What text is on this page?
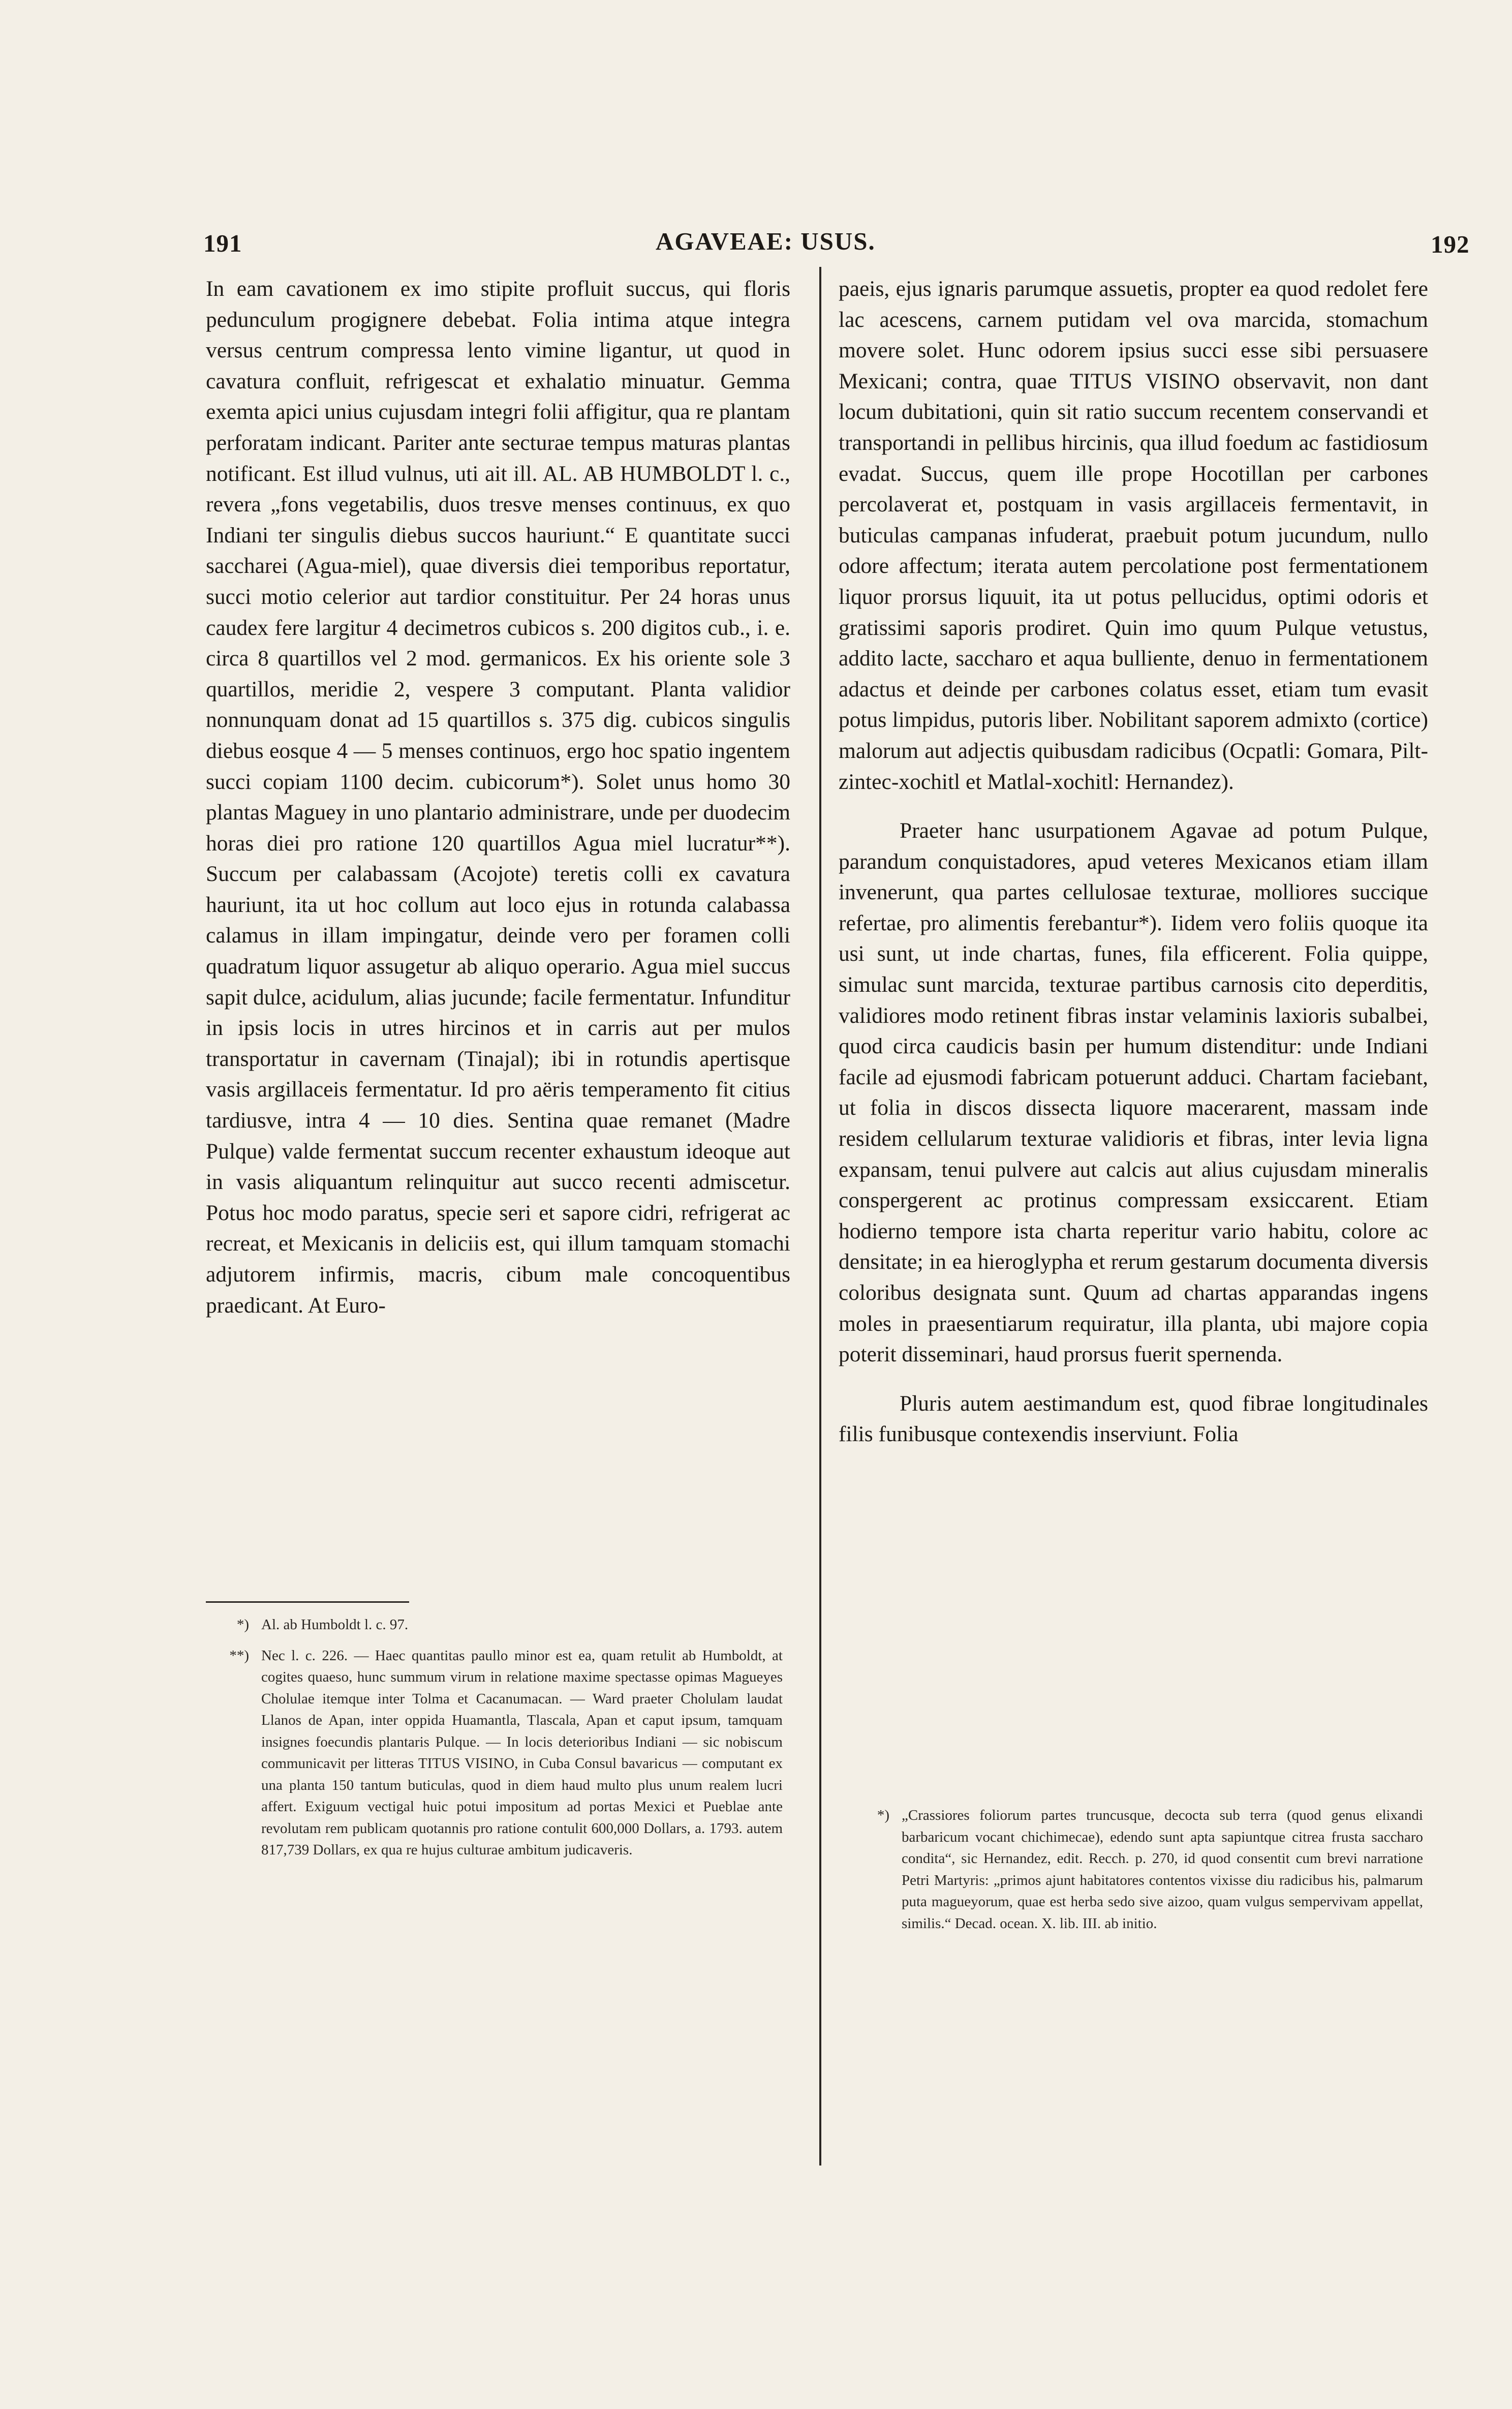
191	AGAVEAE: USUS.	192

In eam cavationem ex imo stipite profluit succus, qui floris pedunculum progignere debebat. Folia intima atque integra versus centrum compressa lento vimine ligantur, ut quod in cavatura confluit, refrigescat et exhalatio minuatur. Gemma exemta apici unius cujusdam integri folii affigitur, qua re plantam perforatam indicant. Pariter ante secturae tempus maturas plantas notificant. Est illud vulnus, uti ait ill. AL. AB HUMBOLDT l. c., revera „fons vegetabilis, duos tresve menses continuus, ex quo Indiani ter singulis diebus succos hauriunt.“ E quantitate succi saccharei (Agua-miel), quae diversis diei temporibus reportatur, succi motio celerior aut tardior constituitur. Per 24 horas unus caudex fere largitur 4 decimetros cubicos s. 200 digitos cub., i. e. circa 8 quartillos vel 2 mod. germanicos. Ex his oriente sole 3 quartillos, meridie 2, vespere 3 computant. Planta validior nonnunquam donat ad 15 quartillos s. 375 dig. cubicos singulis diebus eosque 4 — 5 menses continuos, ergo hoc spatio ingentem succi copiam 1100 decim. cubicorum*). Solet unus homo 30 plantas Maguey in uno plantario administrare, unde per duodecim horas diei pro ratione 120 quartillos Agua miel lucratur**). Succum per calabassam (Acojote) teretis colli ex cavatura hauriunt, ita ut hoc collum aut loco ejus in rotunda calabassa calamus in illam impingatur, deinde vero per foramen colli quadratum liquor assugetur ab aliquo operario. Agua miel succus sapit dulce, acidulum, alias jucunde; facile fermentatur. Infunditur in ipsis locis in utres hircinos et in carris aut per mulos transportatur in cavernam (Tinajal); ibi in rotundis apertisque vasis argillaceis fermentatur. Id pro aëris temperamento fit citius tardiusve, intra 4 — 10 dies. Sentina quae remanet (Madre Pulque) valde fermentat succum recenter exhaustum ideoque aut in vasis aliquantum relinquitur aut succo recenti admiscetur. Potus hoc modo paratus, specie seri et sapore cidri, refrigerat ac recreat, et Mexicanis in deliciis est, qui illum tamquam stomachi adjutorem infirmis, macris, cibum male concoquentibus praedicant. At Euro-

paeis, ejus ignaris parumque assuetis, propter ea quod redolet fere lac acescens, carnem putidam vel ova marcida, stomachum movere solet. Hunc odorem ipsius succi esse sibi persuasere Mexicani; contra, quae TITUS VISINO observavit, non dant locum dubitationi, quin sit ratio succum recentem conservandi et transportandi in pellibus hircinis, qua illud foedum ac fastidiosum evadat. Succus, quem ille prope Hocotillan per carbones percolaverat et, postquam in vasis argillaceis fermentavit, in buticulas campanas infuderat, praebuit potum jucundum, nullo odore affectum; iterata autem percolatione post fermentationem liquor prorsus liquuit, ita ut potus pellucidus, optimi odoris et gratissimi saporis prodiret. Quin imo quum Pulque vetustus, addito lacte, saccharo et aqua bulliente, denuo in fermentationem adactus et deinde per carbones colatus esset, etiam tum evasit potus limpidus, putoris liber. Nobilitant saporem admixto (cortice) malorum aut adjectis quibusdam radicibus (Ocpatli: Gomara, Pilt-zintec-xochitl et Matlal-xochitl: Hernandez).

Praeter hanc usurpationem Agavae ad potum Pulque, parandum conquistadores, apud veteres Mexicanos etiam illam invenerunt, qua partes cellulosae texturae, molliores succique refertae, pro alimentis ferebantur*). Iidem vero foliis quoque ita usi sunt, ut inde chartas, funes, fila efficerent. Folia quippe, simulac sunt marcida, texturae partibus carnosis cito deperditis, validiores modo retinent fibras instar velaminis laxioris subalbei, quod circa caudicis basin per humum distenditur: unde Indiani facile ad ejusmodi fabricam potuerunt adduci. Chartam faciebant, ut folia in discos dissecta liquore macerarent, massam inde residem cellularum texturae validioris et fibras, inter levia ligna expansam, tenui pulvere aut calcis aut alius cujusdam mineralis conspergerent ac protinus compressam exsiccarent. Etiam hodierno tempore ista charta reperitur vario habitu, colore ac densitate; in ea hieroglypha et rerum gestarum documenta diversis coloribus designata sunt. Quum ad chartas apparandas ingens moles in praesentiarum requiratur, illa planta, ubi majore copia poterit disseminari, haud prorsus fuerit spernenda.

Pluris autem aestimandum est, quod fibrae longitudinales filis funibusque contexendis inserviunt. Folia

*) Al. ab Humboldt l. c. 97.
**) Nec l. c. 226. — Haec quantitas paullo minor est ea, quam retulit ab Humboldt, at cogites quaeso, hunc summum virum in relatione maxime spectasse opimas Magueyes Cholulae itemque inter Tolma et Cacanumacan. — Ward praeter Cholulam laudat Llanos de Apan, inter oppida Huamantla, Tlascala, Apan et caput ipsum, tamquam insignes foecundis plantaris Pulque. — In locis deterioribus Indiani — sic nobiscum communicavit per litteras TITUS VISINO, in Cuba Consul bavaricus — computant ex una planta 150 tantum buticulas, quod in diem haud multo plus unum realem lucri affert. Exiguum vectigal huic potui impositum ad portas Mexici et Pueblae ante revolutam rem publicam quotannis pro ratione contulit 600,000 Dollars, a. 1793. autem 817,739 Dollars, ex qua re hujus culturae ambitum judicaveris.
*) „Crassiores foliorum partes truncusque, decocta sub terra (quod genus elixandi barbaricum vocant chichimecae), edendo sunt apta sapiuntque citrea frusta saccharo condita“, sic Hernandez, edit. Recch. p. 270, id quod consentit cum brevi narratione Petri Martyris: „primos ajunt habitatores contentos vixisse diu radicibus his, palmarum puta magueyorum, quae est herba sedo sive aizoo, quam vulgus sempervivam appellat, similis.“ Decad. ocean. X. lib. III. ab initio.
